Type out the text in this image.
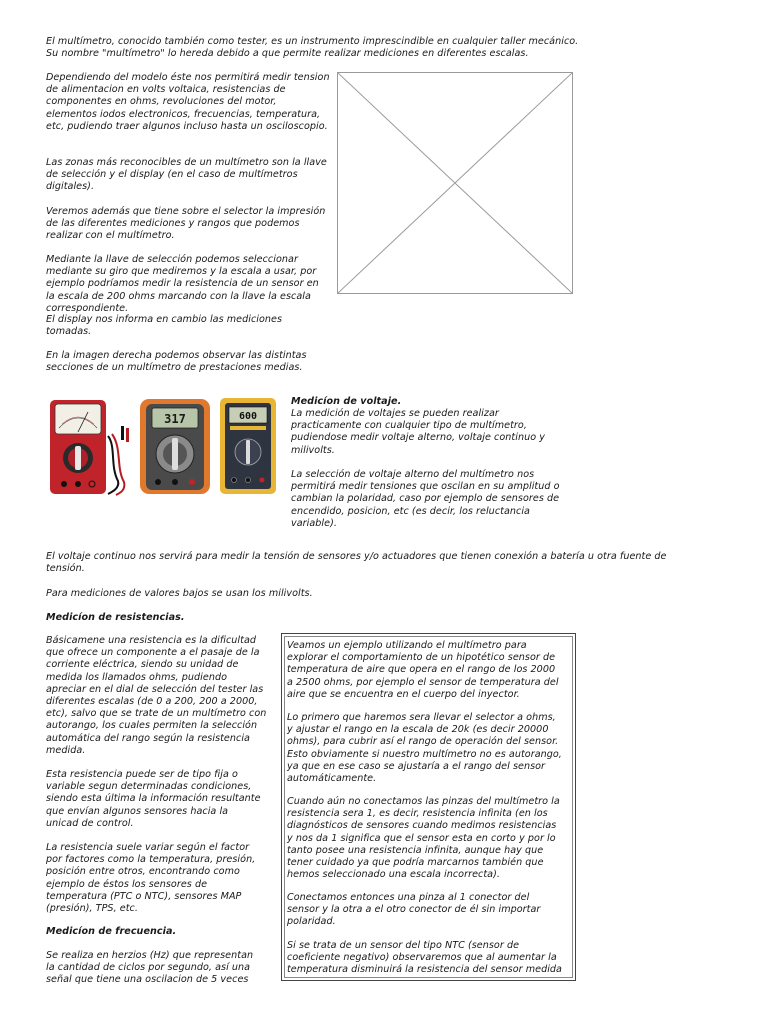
El multímetro, conocido también como tester, es un instrumento imprescindible en cualquier taller mecánico.
Su nombre "multímetro" lo hereda debido a que permite realizar mediciones en diferentes escalas.
Dependiendo del modelo éste nos permitirá medir tension
de alimentacion en volts voltaica, resistencias de
componentes en ohms, revoluciones del motor,
elementos iodos electronicos, frecuencias, temperatura,
etc, pudiendo traer algunos incluso hasta un osciloscopio.
Las zonas más reconocibles de un multímetro son la llave
de selección y el display (en el caso de multímetros
digitales).
Veremos además que tiene sobre el selector la impresión
de las diferentes mediciones y rangos que podemos
realizar con el multímetro.
Mediante la llave de selección podemos seleccionar
mediante su giro que mediremos y la escala a usar, por
ejemplo podríamos medir la resistencia de un sensor en
la escala de 200 ohms marcando con la llave la escala
correspondiente.
El display nos informa en cambio las mediciones
tomadas.
En la imagen derecha podemos observar las distintas
secciones de un multímetro de prestaciones medias.
317	600
Medicíon de voltaje.
La medición de voltajes se pueden realizar
practicamente con cualquier tipo de multímetro,
pudiendose medir voltaje alterno, voltaje continuo y
milivolts.
La selección de voltaje alterno del multímetro nos
permitirá medir tensiones que oscilan en su amplitud o
cambian la polaridad, caso por ejemplo de sensores de
encendido, posicion, etc (es decir, los reluctancia
variable).
El voltaje continuo nos servirá para medir la tensión de sensores y/o actuadores que tienen conexión a batería u otra fuente de
tensión.
Para mediciones de valores bajos se usan los milivolts.
Medicíon de resistencias.
Básicamene una resistencia es la dificultad
que ofrece un componente a el pasaje de la
corriente eléctrica, siendo su unidad de
medida los llamados ohms, pudiendo
apreciar en el dial de selección del tester las
diferentes escalas (de 0 a 200, 200 a 2000,
etc), salvo que se trate de un multímetro con
autorango, los cuales permiten la selección
automática del rango según la resistencia
medida.
Esta resistencia puede ser de tipo fija o
variable segun determinadas condiciones,
siendo esta última la información resultante
que envían algunos sensores hacia la
unicad de control.
La resistencia suele variar según el factor
por factores como la temperatura, presión,
posición entre otros, encontrando como
ejemplo de éstos los sensores de
temperatura (PTC o NTC), sensores MAP
(presión), TPS, etc.
Medicíon de frecuencia.
Se realiza en herzios (Hz) que representan
la cantidad de ciclos por segundo, así una
señal que tiene una oscilacion de 5 veces
Veamos un ejemplo utilizando el multímetro para
explorar el comportamiento de un hipotético sensor de
temperatura de aire que opera en el rango de los 2000
a 2500 ohms, por ejemplo el sensor de temperatura del
aire que se encuentra en el cuerpo del inyector.
Lo primero que haremos sera llevar el selector a ohms,
y ajustar el rango en la escala de 20k (es decir 20000
ohms), para cubrir así el rango de operación del sensor.
Esto obviamente si nuestro multímetro no es autorango,
ya que en ese caso se ajustaría a el rango del sensor
automáticamente.
Cuando aún no conectamos las pinzas del multímetro la
resistencia sera 1, es decir, resistencia infinita (en los
diagnósticos de sensores cuando medimos resistencias
y nos da 1 significa que el sensor esta en corto y por lo
tanto posee una resistencia infinita, aunque hay que
tener cuidado ya que podría marcarnos también que
hemos seleccionado una escala incorrecta).
Conectamos entonces una pinza al 1 conector del
sensor y la otra a el otro conector de él sin importar
polaridad.
Si se trata de un sensor del tipo NTC (sensor de
coeficiente negativo) observaremos que al aumentar la
temperatura disminuirá la resistencia del sensor medida
